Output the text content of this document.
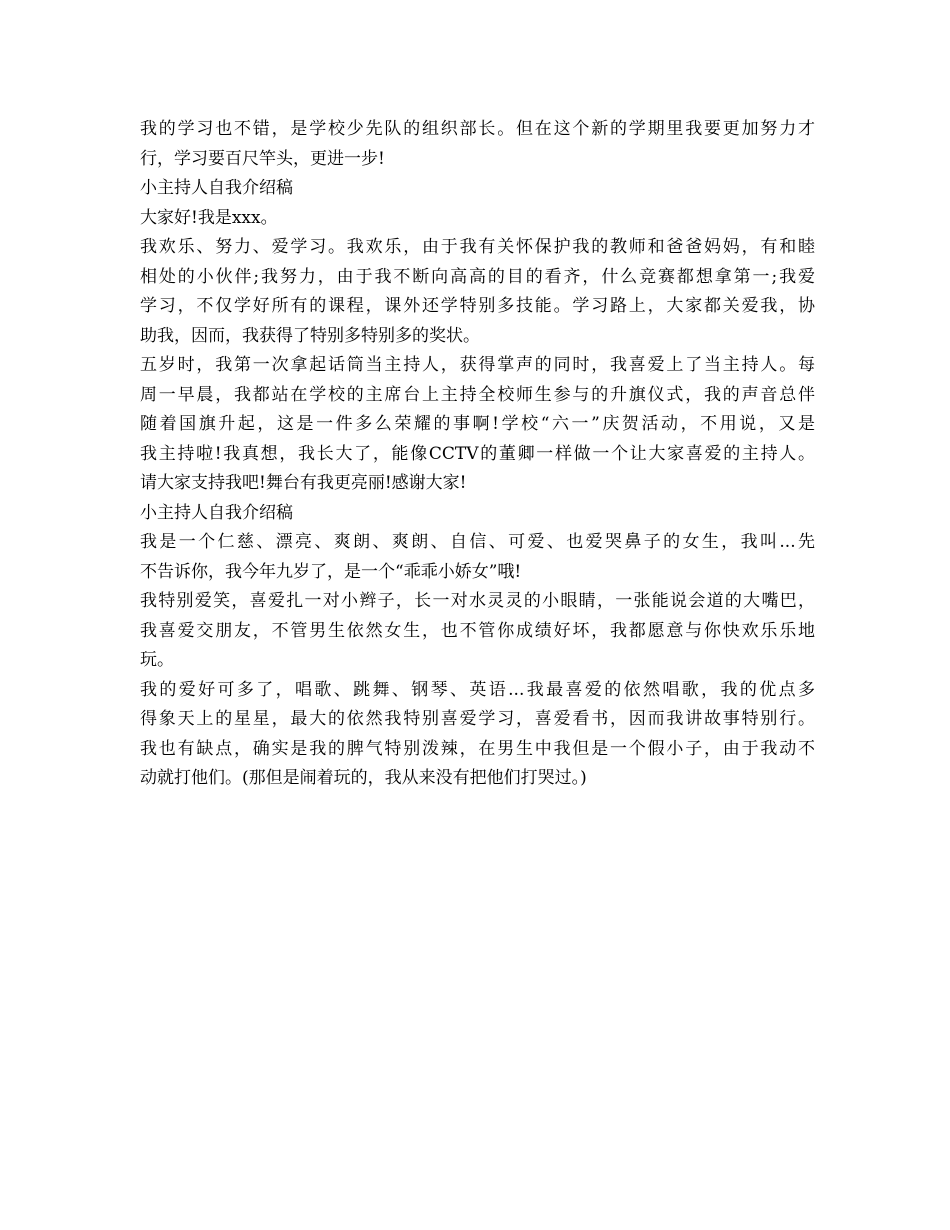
我的学习也不错，是学校少先队的组织部长。但在这个新的学期里我要更加努力才
行，学习要百尺竿头，更进一步!
小主持人自我介绍稿
大家好!我是xxx。
我欢乐、努力、爱学习。我欢乐，由于我有关怀保护我的教师和爸爸妈妈，有和睦
相处的小伙伴;我努力，由于我不断向高高的目的看齐，什么竞赛都想拿第一;我爱
学习，不仅学好所有的课程，课外还学特别多技能。学习路上，大家都关爱我，协
助我，因而，我获得了特别多特别多的奖状。
五岁时，我第一次拿起话筒当主持人，获得掌声的同时，我喜爱上了当主持人。每
周一早晨，我都站在学校的主席台上主持全校师生参与的升旗仪式，我的声音总伴
随着国旗升起，这是一件多么荣耀的事啊!学校“六一”庆贺活动，不用说，又是
我主持啦!我真想，我长大了，能像CCTV的董卿一样做一个让大家喜爱的主持人。
请大家支持我吧!舞台有我更亮丽!感谢大家!
小主持人自我介绍稿
我是一个仁慈、漂亮、爽朗、爽朗、自信、可爱、也爱哭鼻子的女生，我叫...先
不告诉你，我今年九岁了，是一个“乖乖小娇女”哦!
我特别爱笑，喜爱扎一对小辫子，长一对水灵灵的小眼睛，一张能说会道的大嘴巴，
我喜爱交朋友，不管男生依然女生，也不管你成绩好坏，我都愿意与你快欢乐乐地
玩。
我的爱好可多了，唱歌、跳舞、钢琴、英语...我最喜爱的依然唱歌，我的优点多
得象天上的星星，最大的依然我特别喜爱学习，喜爱看书，因而我讲故事特别行。
我也有缺点，确实是我的脾气特别泼辣，在男生中我但是一个假小子，由于我动不
动就打他们。(那但是闹着玩的，我从来没有把他们打哭过。)
